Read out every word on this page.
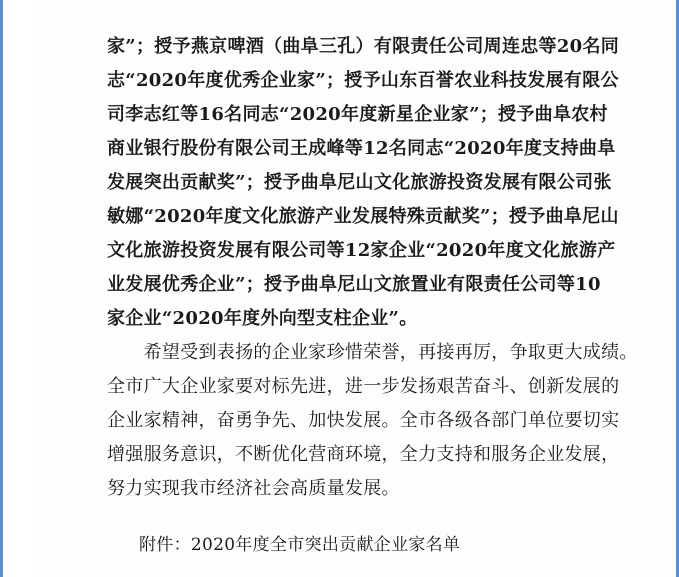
家”；授予燕京啤酒（曲阜三孔）有限责任公司周连忠等20名同
志“2020年度优秀企业家”；授予山东百誉农业科技发展有限公
司李志红等16名同志“2020年度新星企业家”；授予曲阜农村
商业银行股份有限公司王成峰等12名同志“2020年度支持曲阜
发展突出贡献奖”；授予曲阜尼山文化旅游投资发展有限公司张
敏娜“2020年度文化旅游产业发展特殊贡献奖”；授予曲阜尼山
文化旅游投资发展有限公司等12家企业“2020年度文化旅游产
业发展优秀企业”；授予曲阜尼山文旅置业有限责任公司等10
家企业“2020年度外向型支柱企业”。
　　希望受到表扬的企业家珍惜荣誉，再接再厉，争取更大成绩。
全市广大企业家要对标先进，进一步发扬艰苦奋斗、创新发展的
企业家精神，奋勇争先、加快发展。全市各级各部门单位要切实
增强服务意识，不断优化营商环境，全力支持和服务企业发展，
努力实现我市经济社会高质量发展。
附件：2020年度全市突出贡献企业家名单
